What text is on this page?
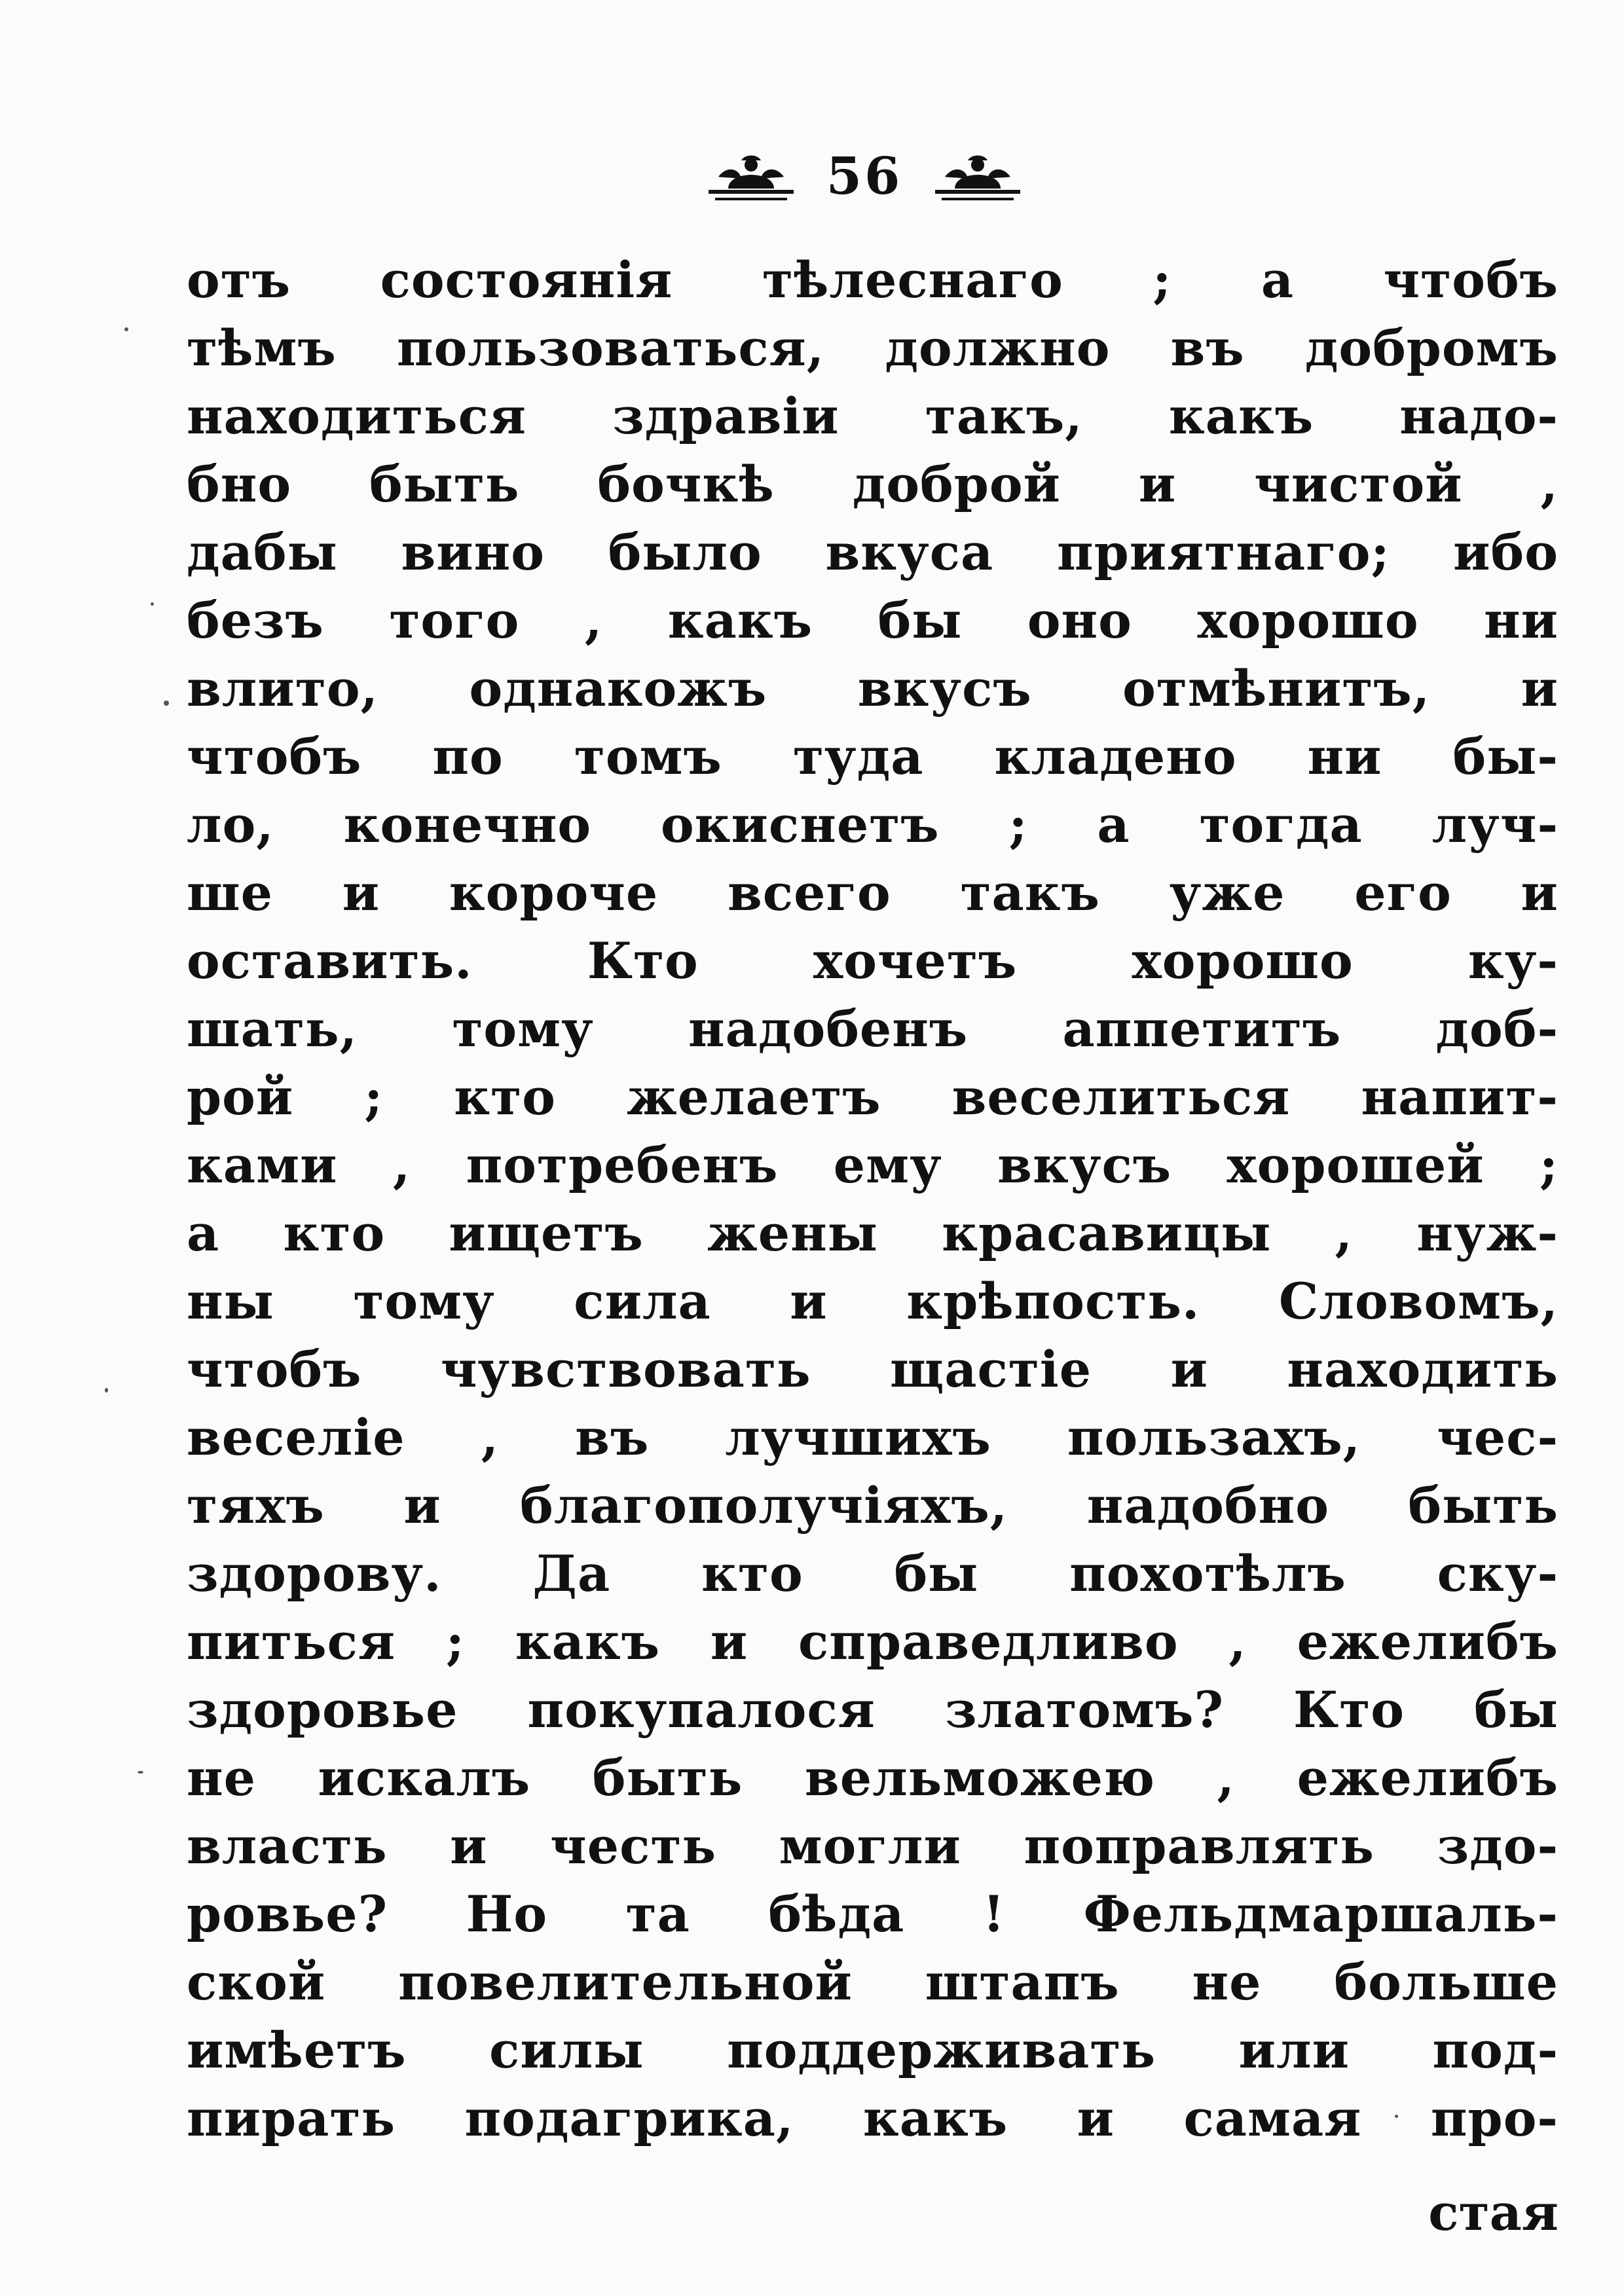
56
отъ состоянія тѣлеснаго ; а чтобъ
тѣмъ пользоваться, должно въ добромъ
находиться здравіи такъ, какъ надо-
бно быть бочкѣ доброй и чистой ,
дабы вино было вкуса приятнаго; ибо
безъ того , какъ бы оно хорошо ни
влито, однакожъ вкусъ отмѣнитъ, и
чтобъ по томъ туда кладено ни бы-
ло, конечно окиснетъ ; а тогда луч-
ше и короче всего такъ уже его и
оставить. Кто хочетъ хорошо ку-
шать, тому надобенъ аппетитъ доб-
рой ; кто желаетъ веселиться напит-
ками , потребенъ ему вкусъ хорошей ;
а кто ищетъ жены красавицы , нуж-
ны тому сила и крѣпость. Словомъ,
чтобъ чувствовать щастіе и находить
веселіе , въ лучшихъ пользахъ, чес-
тяхъ и благополучіяхъ, надобно быть
здорову. Да кто бы похотѣлъ ску-
питься ; какъ и справедливо , ежелибъ
здоровье покупалося златомъ? Кто бы
не искалъ быть вельможею , ежелибъ
власть и честь могли поправлять здо-
ровье? Но та бѣда ! Фельдмаршаль-
ской повелительной штапъ не больше
имѣетъ силы поддерживать или под-
пирать подагрика, какъ и самая про-
стая
